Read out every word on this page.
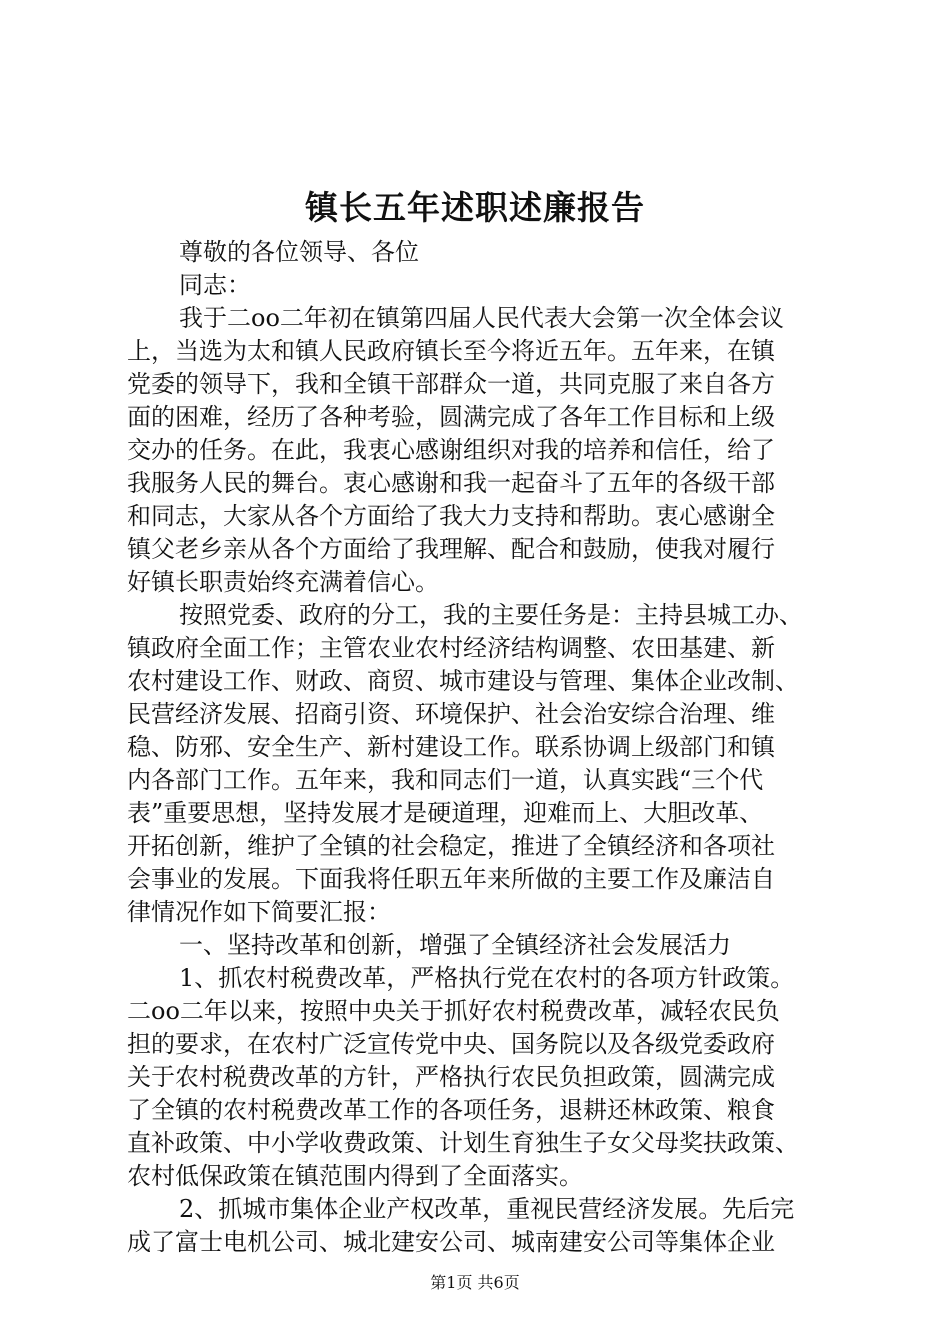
镇长五年述职述廉报告
尊敬的各位领导、各位
同志：
我于二oo二年初在镇第四届人民代表大会第一次全体会议
上，当选为太和镇人民政府镇长至今将近五年。五年来，在镇
党委的领导下，我和全镇干部群众一道，共同克服了来自各方
面的困难，经历了各种考验，圆满完成了各年工作目标和上级
交办的任务。在此，我衷心感谢组织对我的培养和信任，给了
我服务人民的舞台。衷心感谢和我一起奋斗了五年的各级干部
和同志，大家从各个方面给了我大力支持和帮助。衷心感谢全
镇父老乡亲从各个方面给了我理解、配合和鼓励，使我对履行
好镇长职责始终充满着信心。
按照党委、政府的分工，我的主要任务是：主持县城工办、
镇政府全面工作；主管农业农村经济结构调整、农田基建、新
农村建设工作、财政、商贸、城市建设与管理、集体企业改制、
民营经济发展、招商引资、环境保护、社会治安综合治理、维
稳、防邪、安全生产、新村建设工作。联系协调上级部门和镇
内各部门工作。五年来，我和同志们一道，认真实践“三个代
表”重要思想，坚持发展才是硬道理，迎难而上、大胆改革、
开拓创新，维护了全镇的社会稳定，推进了全镇经济和各项社
会事业的发展。下面我将任职五年来所做的主要工作及廉洁自
律情况作如下简要汇报：
一、坚持改革和创新，增强了全镇经济社会发展活力
1、抓农村税费改革，严格执行党在农村的各项方针政策。
二oo二年以来，按照中央关于抓好农村税费改革，减轻农民负
担的要求，在农村广泛宣传党中央、国务院以及各级党委政府
关于农村税费改革的方针，严格执行农民负担政策，圆满完成
了全镇的农村税费改革工作的各项任务，退耕还林政策、粮食
直补政策、中小学收费政策、计划生育独生子女父母奖扶政策、
农村低保政策在镇范围内得到了全面落实。
2、抓城市集体企业产权改革，重视民营经济发展。先后完
成了富士电机公司、城北建安公司、城南建安公司等集体企业
第1页 共6页
